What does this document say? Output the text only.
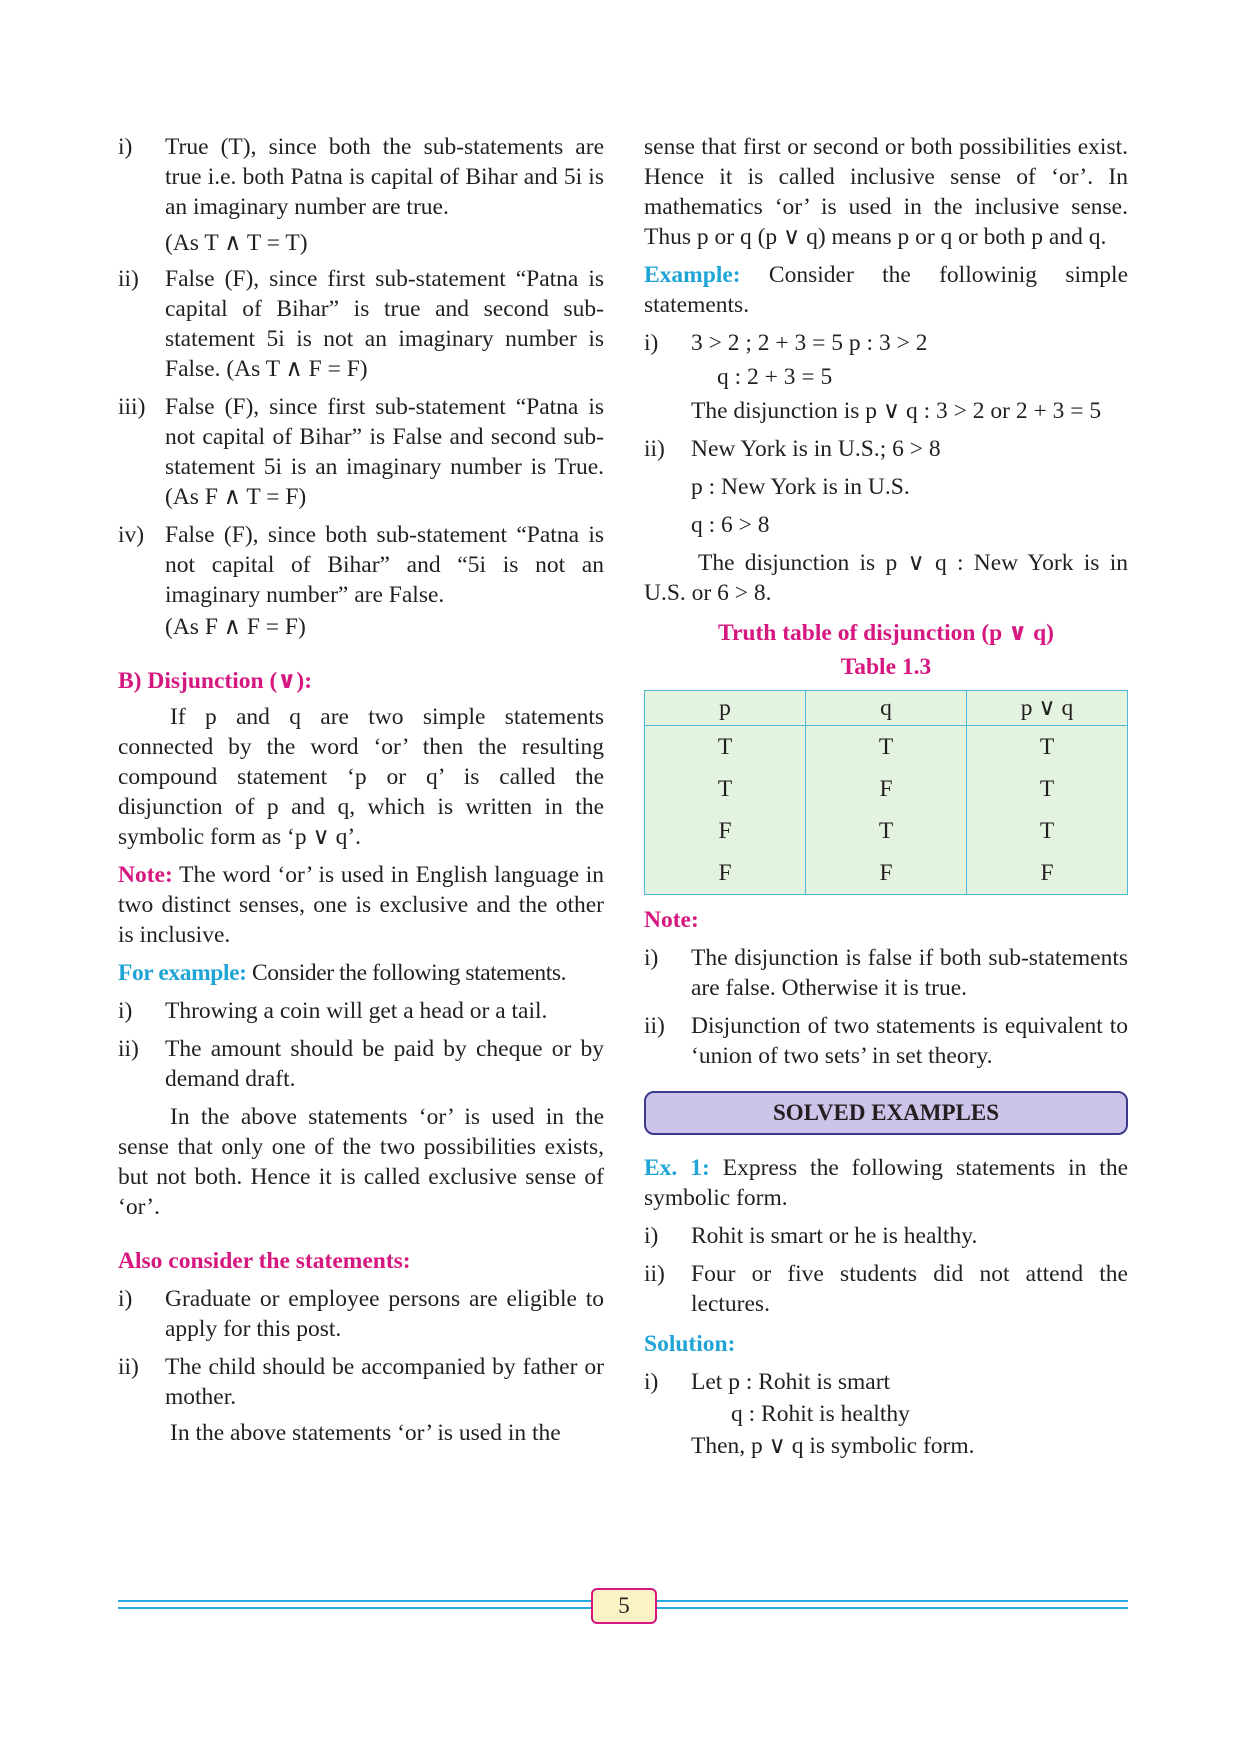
i)	True (T), since both the sub-statements are true i.e. both Patna is capital of Bihar and 5i is an imaginary number are true.
(As T ∧ T = T)
ii)	False (F), since first sub-statement “Patna is capital of Bihar” is true and second sub-statement 5i is not an imaginary number is False. (As T ∧ F = F)
iii) False (F), since first sub-statement “Patna is not capital of Bihar” is False and second sub-statement 5i is an imaginary number is True. (As F ∧ T = F)
iv) False (F), since both sub-statement “Patna is not capital of Bihar” and “5i is not an imaginary number” are False.
(As F ∧ F = F)
B) Disjunction (∨):

If p and q are two simple statements connected by the word ‘or’ then the resulting compound statement ‘p or q’ is called the disjunction of p and q, which is written in the symbolic form as ‘p ∨ q’.

Note: The word ‘or’ is used in English language in two distinct senses, one is exclusive and the other is inclusive.

For example: Consider the following statements.

i)	Throwing a coin will get a head or a tail.
ii)	The amount should be paid by cheque or by demand draft.

In the above statements ‘or’ is used in the sense that only one of the two possibilities exists, but not both. Hence it is called exclusive sense of ‘or’.

Also consider the statements:
i)	Graduate or employee persons are eligible to apply for this post.
ii)	The child should be accompanied by father or mother.

In the above statements ‘or’ is used in the

sense that first or second or both possibilities exist. Hence it is called inclusive sense of ‘or’. In mathematics ‘or’ is used in the inclusive sense. Thus p or q (p ∨ q) means p or q or both p and q.

Example: Consider the followinig simple statements.

i)	3 > 2 ; 2 + 3 = 5 p : 3 > 2
q : 2 + 3 = 5
The disjunction is p ∨ q : 3 > 2 or 2 + 3 = 5
ii)	New York is in U.S.; 6 > 8
p : New York is in U.S.
q : 6 > 8

The disjunction is p ∨ q : New York is in U.S. or 6 > 8.

Truth table of disjunction (p ∨ q)
Table 1.3
p	q	p ∨ q
T	T	T
T	F	T
F	T	T
F	F	F
Note:
i)	The disjunction is false if both sub-statements are false. Otherwise it is true.
ii)	Disjunction of two statements is equivalent to ‘union of two sets’ in set theory.
SOLVED EXAMPLES

Ex. 1: Express the following statements in the symbolic form.

i)	Rohit is smart or he is healthy.
ii)	Four or five students did not attend the lectures.
Solution:
i)	Let p : Rohit is smart
q : Rohit is healthy
Then, p ∨ q is symbolic form.
5
